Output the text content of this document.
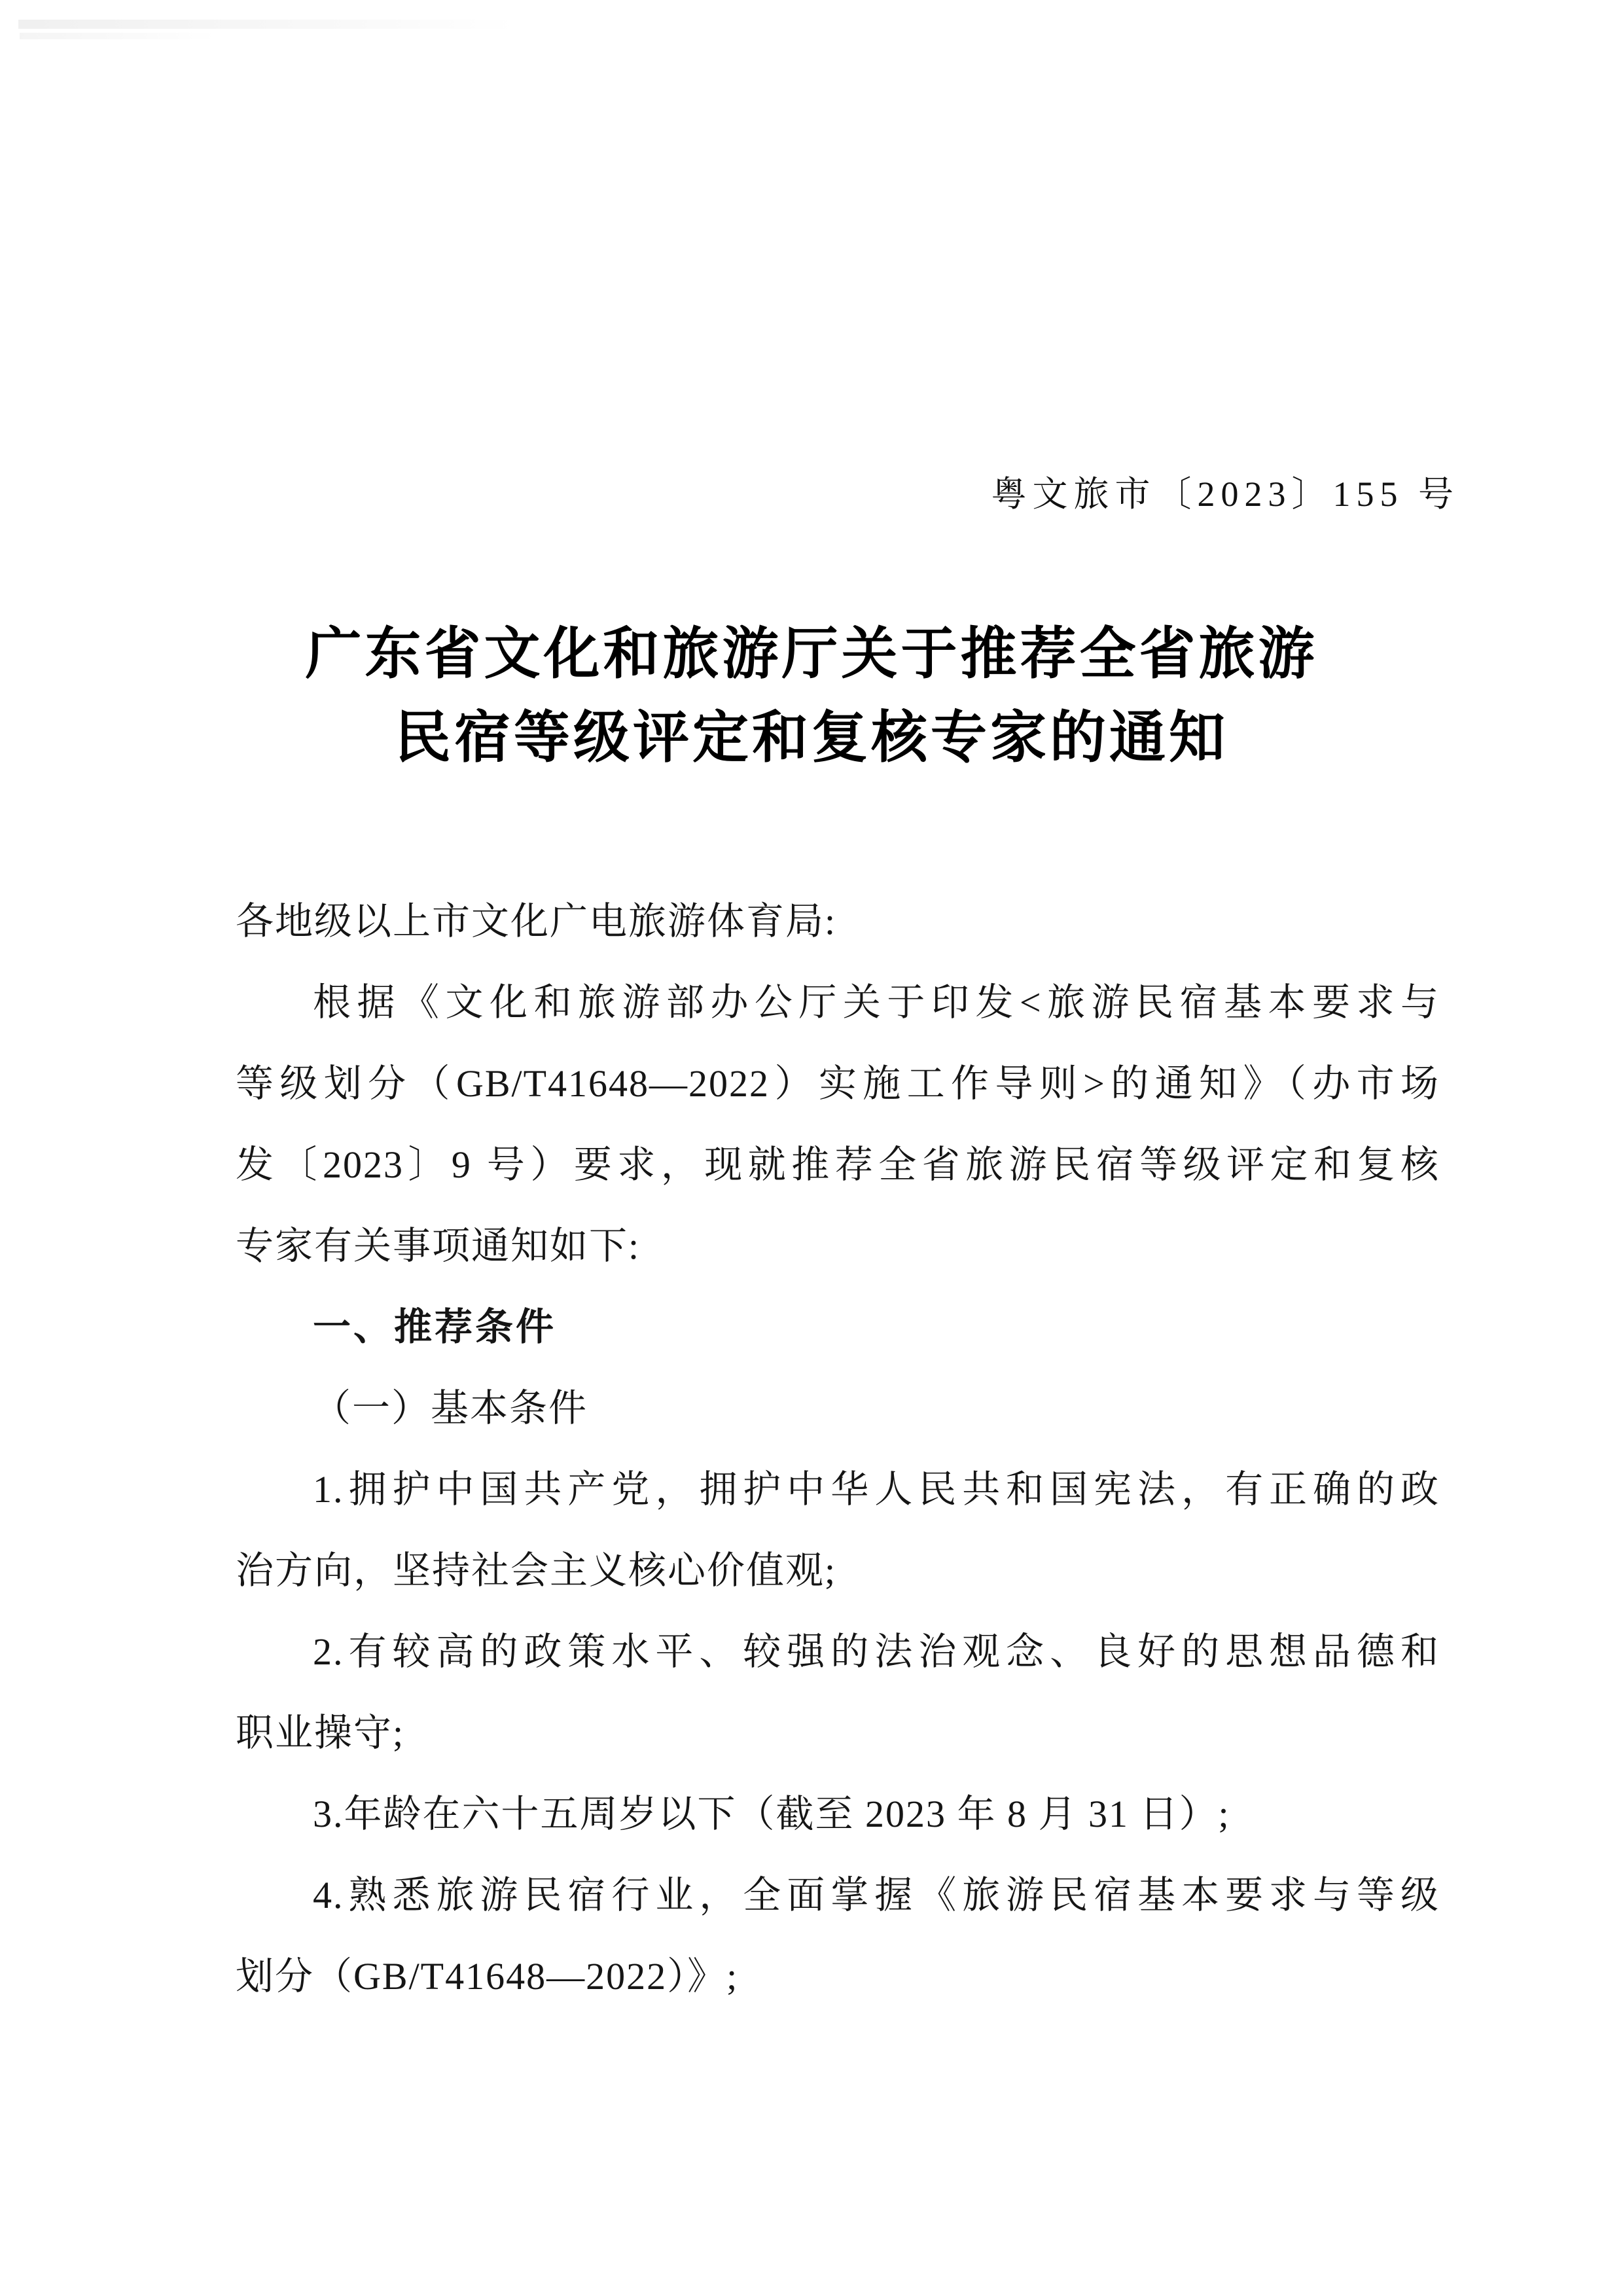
粤文旅市〔2023〕155 号
广东省文化和旅游厅关于推荐全省旅游
民宿等级评定和复核专家的通知
各地级以上市文化广电旅游体育局:
根据《文化和旅游部办公厅关于印发<旅游民宿基本要求与
等级划分（GB/T41648—2022）实施工作导则>的通知》（办市场
发〔2023〕9 号）要求，现就推荐全省旅游民宿等级评定和复核
专家有关事项通知如下:
一、推荐条件
（一）基本条件
1.拥护中国共产党，拥护中华人民共和国宪法，有正确的政
治方向，坚持社会主义核心价值观;
2.有较高的政策水平、较强的法治观念、良好的思想品德和
职业操守;
3.年龄在六十五周岁以下（截至 2023 年 8 月 31 日）;
4.熟悉旅游民宿行业，全面掌握《旅游民宿基本要求与等级
划分（GB/T41648—2022）》;
